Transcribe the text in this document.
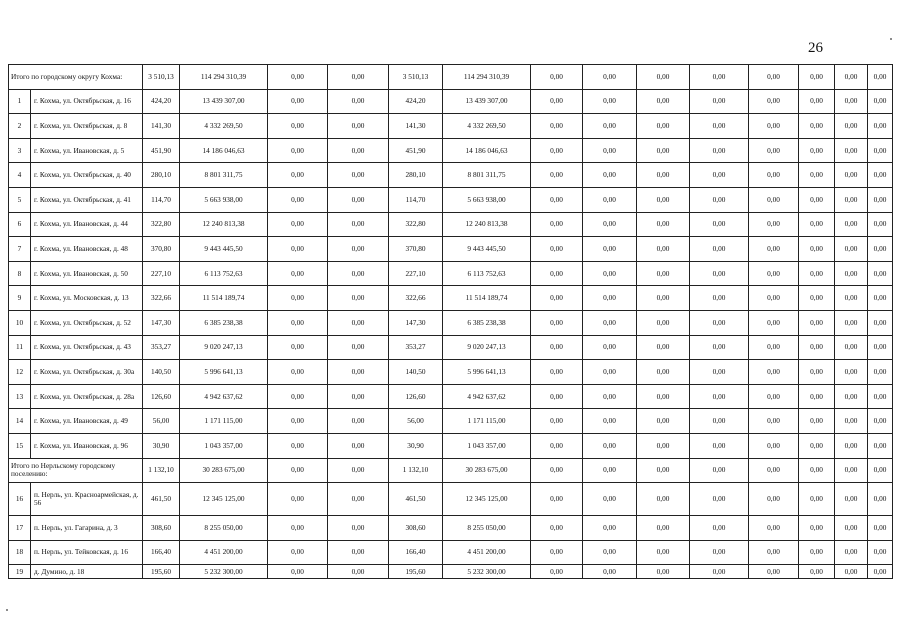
26
Итого по городскому округу Кохма:		3 510,13	114 294 310,39	0,00	0,00	3 510,13	114 294 310,39	0,00	0,00	0,00	0,00	0,00	0,00	0,00	0,00
1	г. Кохма, ул. Октябрьская, д. 16	424,20	13 439 307,00	0,00	0,00	424,20	13 439 307,00	0,00	0,00	0,00	0,00	0,00	0,00	0,00	0,00
2	г. Кохма, ул. Октябрьская, д. 8	141,30	4 332 269,50	0,00	0,00	141,30	4 332 269,50	0,00	0,00	0,00	0,00	0,00	0,00	0,00	0,00
3	г. Кохма, ул. Ивановская, д. 5	451,90	14 186 046,63	0,00	0,00	451,90	14 186 046,63	0,00	0,00	0,00	0,00	0,00	0,00	0,00	0,00
4	г. Кохма, ул. Октябрьская, д. 40	280,10	8 801 311,75	0,00	0,00	280,10	8 801 311,75	0,00	0,00	0,00	0,00	0,00	0,00	0,00	0,00
5	г. Кохма, ул. Октябрьская, д. 41	114,70	5 663 938,00	0,00	0,00	114,70	5 663 938,00	0,00	0,00	0,00	0,00	0,00	0,00	0,00	0,00
6	г. Кохма, ул. Ивановская, д. 44	322,80	12 240 813,38	0,00	0,00	322,80	12 240 813,38	0,00	0,00	0,00	0,00	0,00	0,00	0,00	0,00
7	г. Кохма, ул. Ивановская, д. 48	370,80	9 443 445,50	0,00	0,00	370,80	9 443 445,50	0,00	0,00	0,00	0,00	0,00	0,00	0,00	0,00
8	г. Кохма, ул. Ивановская, д. 50	227,10	6 113 752,63	0,00	0,00	227,10	6 113 752,63	0,00	0,00	0,00	0,00	0,00	0,00	0,00	0,00
9	г. Кохма, ул. Московская, д. 13	322,66	11 514 189,74	0,00	0,00	322,66	11 514 189,74	0,00	0,00	0,00	0,00	0,00	0,00	0,00	0,00
10	г. Кохма, ул. Октябрьская, д. 52	147,30	6 385 238,38	0,00	0,00	147,30	6 385 238,38	0,00	0,00	0,00	0,00	0,00	0,00	0,00	0,00
11	г. Кохма, ул. Октябрьская, д. 43	353,27	9 020 247,13	0,00	0,00	353,27	9 020 247,13	0,00	0,00	0,00	0,00	0,00	0,00	0,00	0,00
12	г. Кохма, ул. Октябрьская, д. 30а	140,50	5 996 641,13	0,00	0,00	140,50	5 996 641,13	0,00	0,00	0,00	0,00	0,00	0,00	0,00	0,00
13	г. Кохма, ул. Октябрьская, д. 28а	126,60	4 942 637,62	0,00	0,00	126,60	4 942 637,62	0,00	0,00	0,00	0,00	0,00	0,00	0,00	0,00
14	г. Кохма, ул. Ивановская, д. 49	56,00	1 171 115,00	0,00	0,00	56,00	1 171 115,00	0,00	0,00	0,00	0,00	0,00	0,00	0,00	0,00
15	г. Кохма, ул. Ивановская, д. 96	30,90	1 043 357,00	0,00	0,00	30,90	1 043 357,00	0,00	0,00	0,00	0,00	0,00	0,00	0,00	0,00
Итого по Нерльскому городскому поселению:		1 132,10	30 283 675,00	0,00	0,00	1 132,10	30 283 675,00	0,00	0,00	0,00	0,00	0,00	0,00	0,00	0,00
16	п. Нерль, ул. Красноармейская, д. 56	461,50	12 345 125,00	0,00	0,00	461,50	12 345 125,00	0,00	0,00	0,00	0,00	0,00	0,00	0,00	0,00
17	п. Нерль, ул. Гагарина, д. 3	308,60	8 255 050,00	0,00	0,00	308,60	8 255 050,00	0,00	0,00	0,00	0,00	0,00	0,00	0,00	0,00
18	п. Нерль, ул. Тейковская, д. 16	166,40	4 451 200,00	0,00	0,00	166,40	4 451 200,00	0,00	0,00	0,00	0,00	0,00	0,00	0,00	0,00
19	д. Думино, д. 18	195,60	5 232 300,00	0,00	0,00	195,60	5 232 300,00	0,00	0,00	0,00	0,00	0,00	0,00	0,00	0,00
